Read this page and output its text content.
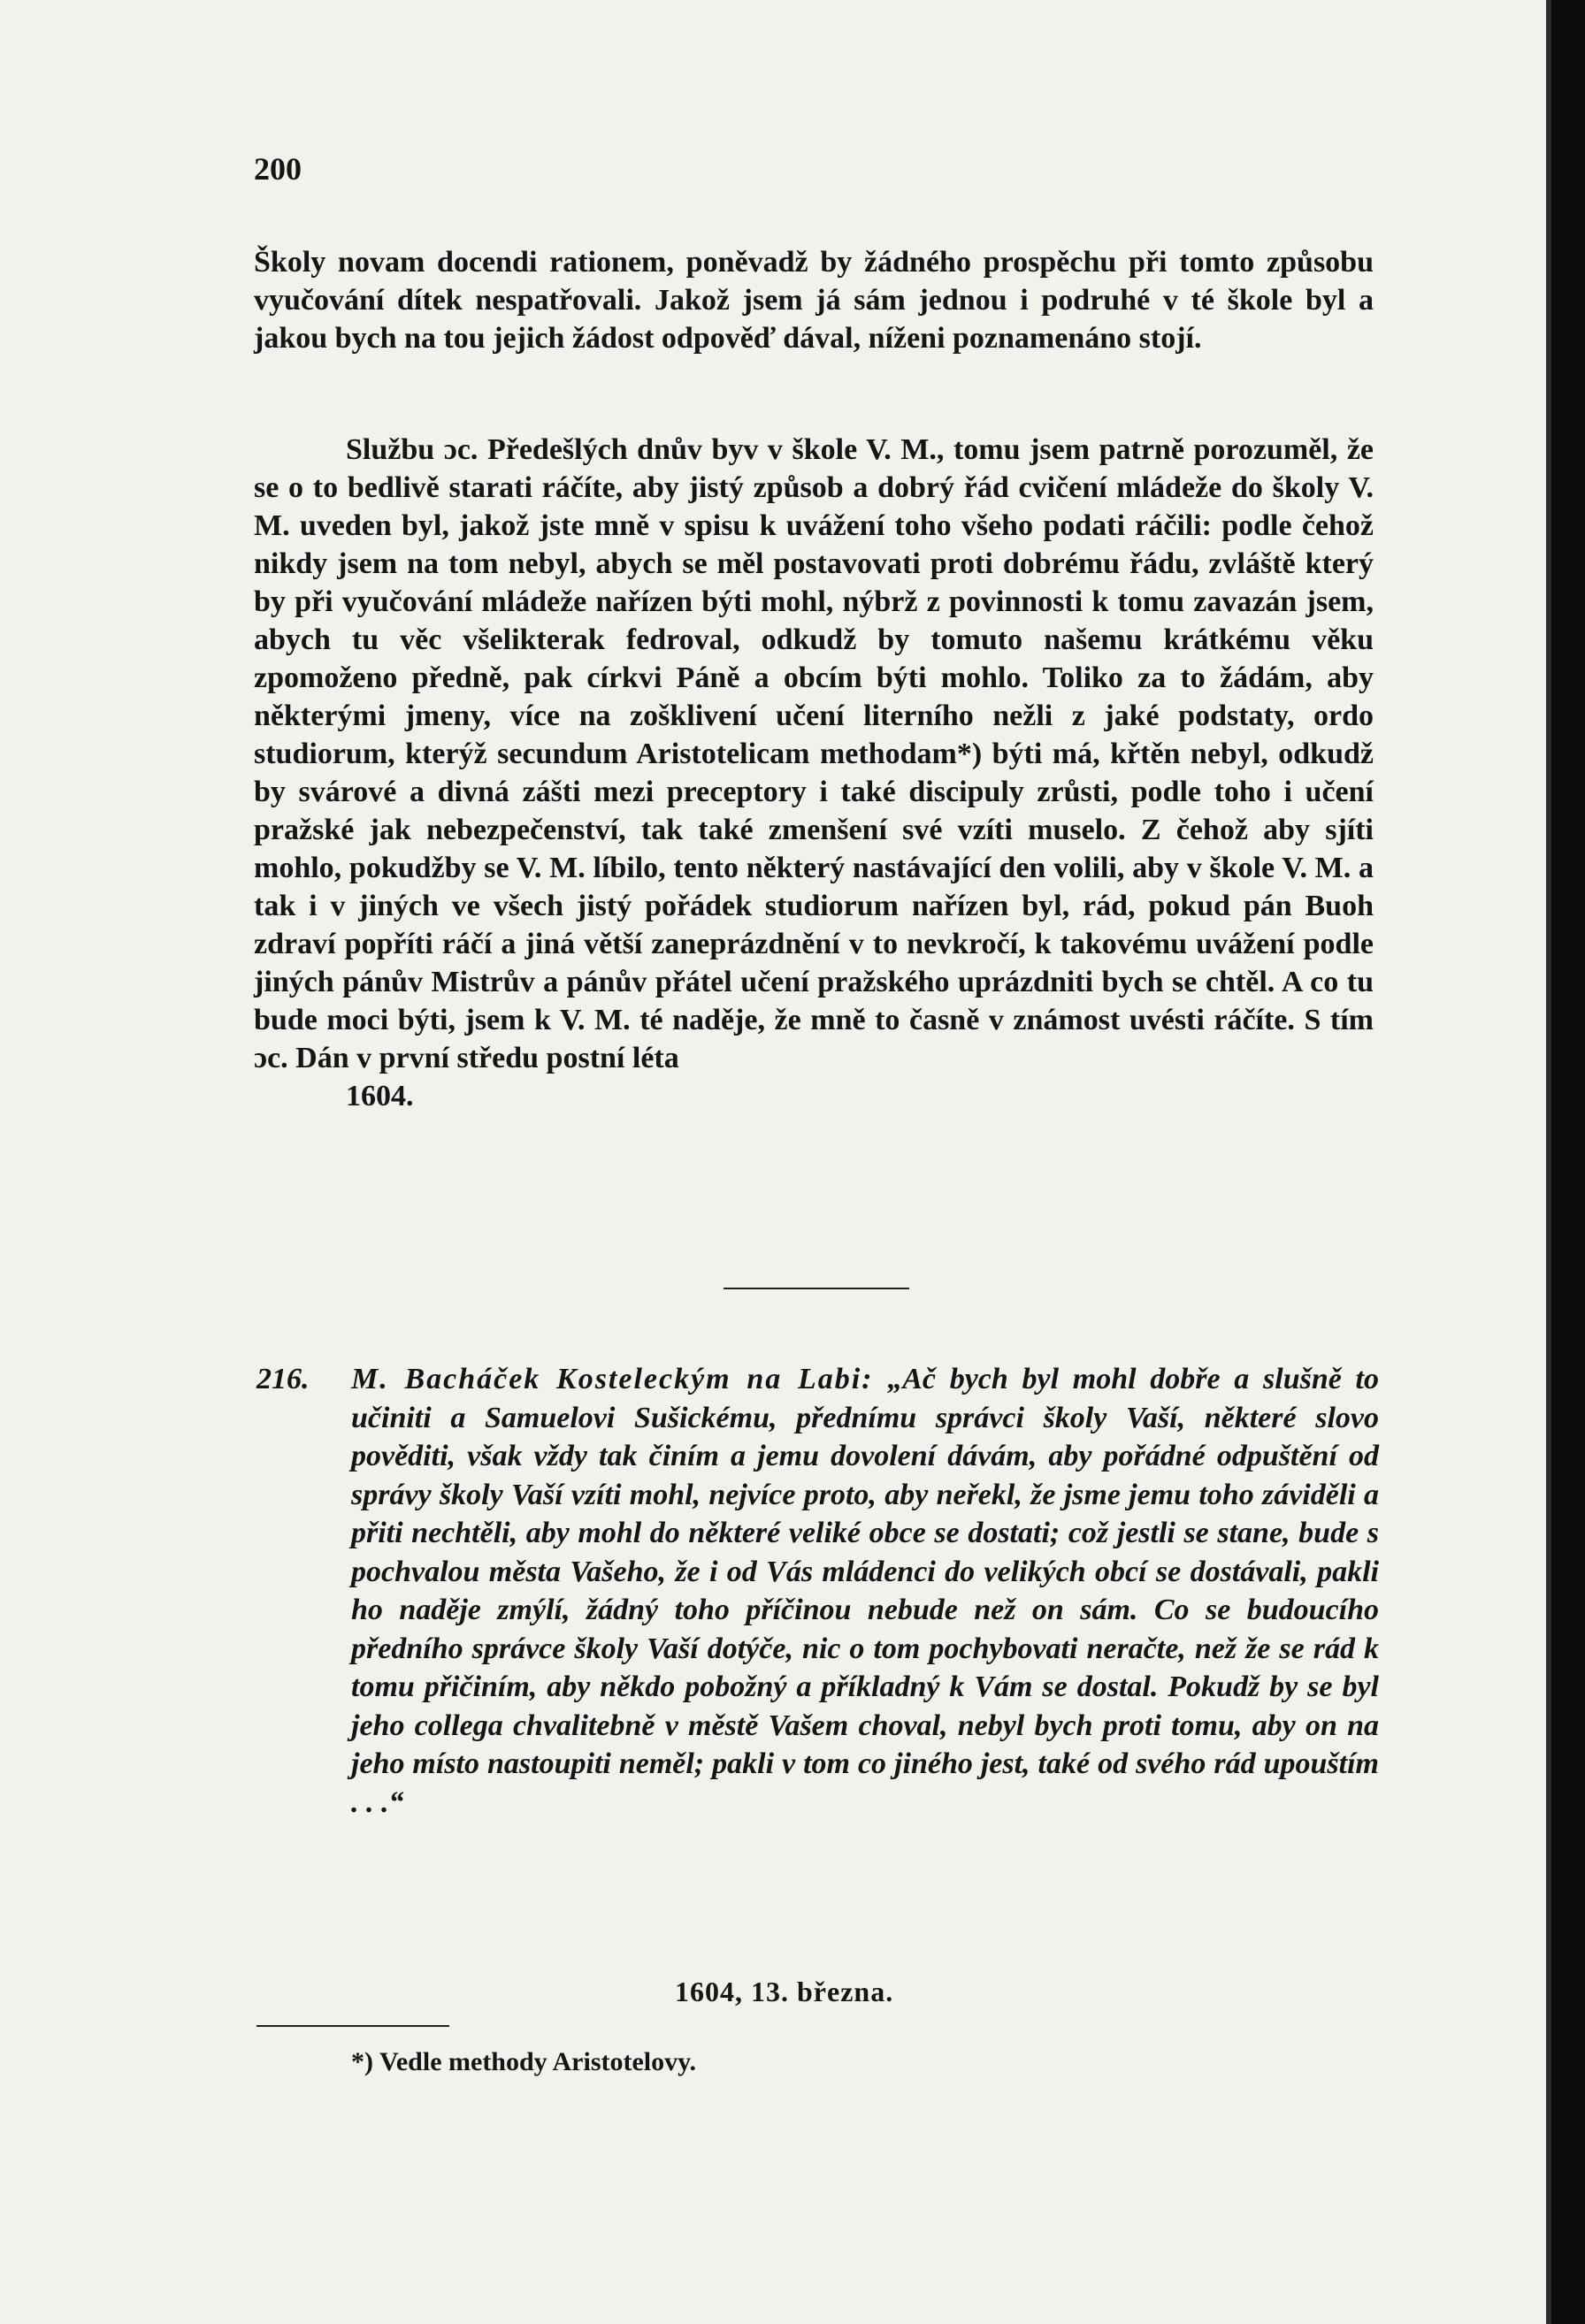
200

Školy novam docendi rationem, poněvadž by žádného prospěchu při tomto způsobu vyučování dítek nespatřovali. Jakož jsem já sám jednou i podruhé v té škole byl a jakou bych na tou jejich žádost odpověď dával, níženi poznamenáno stojí.

Službu ɔc. Předešlých dnův byv v škole V. M., tomu jsem patrně porozuměl, že se o to bedlivě starati ráčíte, aby jistý způsob a dobrý řád cvičení mládeže do školy V. M. uveden byl, jakož jste mně v spisu k uvážení toho všeho podati ráčili: podle čehož nikdy jsem na tom nebyl, abych se měl postavovati proti dobrému řádu, zvláště který by při vyučování mládeže nařízen býti mohl, nýbrž z povinnosti k tomu zavazán jsem, abych tu věc všelikterak fedroval, odkudž by tomuto našemu krátkému věku zpomoženo předně, pak církvi Páně a obcím býti mohlo. Toliko za to žádám, aby některými jmeny, více na zošklivení učení literního nežli z jaké podstaty, ordo studiorum, kterýž secundum Aristotelicam methodam*) býti má, křtěn nebyl, odkudž by svárové a divná zášti mezi preceptory i také discipuly zrůsti, podle toho i učení pražské jak nebezpečenství, tak také zmenšení své vzíti muselo. Z čehož aby sjíti mohlo, pokudžby se V. M. líbilo, tento některý nastávající den volili, aby v škole V. M. a tak i v jiných ve všech jistý pořádek studiorum nařízen byl, rád, pokud pán Buoh zdraví popříti ráčí a jiná větší zaneprázdnění v to nevkročí, k takovému uvážení podle jiných pánův Mistrův a pánův přátel učení pražského uprázdniti bych se chtěl. A co tu bude moci býti, jsem k V. M. té naděje, že mně to časně v známost uvésti ráčíte. S tím ɔc. Dán v první středu postní léta
1604.

216. M. Bacháček Kosteleckým na Labi: „Ač bych byl mohl dobře a slušně to učiniti a Samuelovi Sušickému, přednímu správci školy Vaší, některé slovo pověditi, však vždy tak činím a jemu dovolení dávám, aby pořádné odpuštění od správy školy Vaší vzíti mohl, nejvíce proto, aby neřekl, že jsme jemu toho záviděli a přiti nechtěli, aby mohl do některé veliké obce se dostati; což jestli se stane, bude s pochvalou města Vašeho, že i od Vás mládenci do velikých obcí se dostávali, pakli ho naděje zmýlí, žádný toho příčinou nebude než on sám. Co se budoucího předního správce školy Vaší dotýče, nic o tom pochybovati neračte, než že se rád k tomu přičiním, aby někdo pobožný a příkladný k Vám se dostal. Pokudž by se byl jeho collega chvalitebně v městě Vašem choval, nebyl bych proti tomu, aby on na jeho místo nastoupiti neměl; pakli v tom co jiného jest, také od svého rád upouštím . . .“

1604, 13. března.

*) Vedle methody Aristotelovy.
